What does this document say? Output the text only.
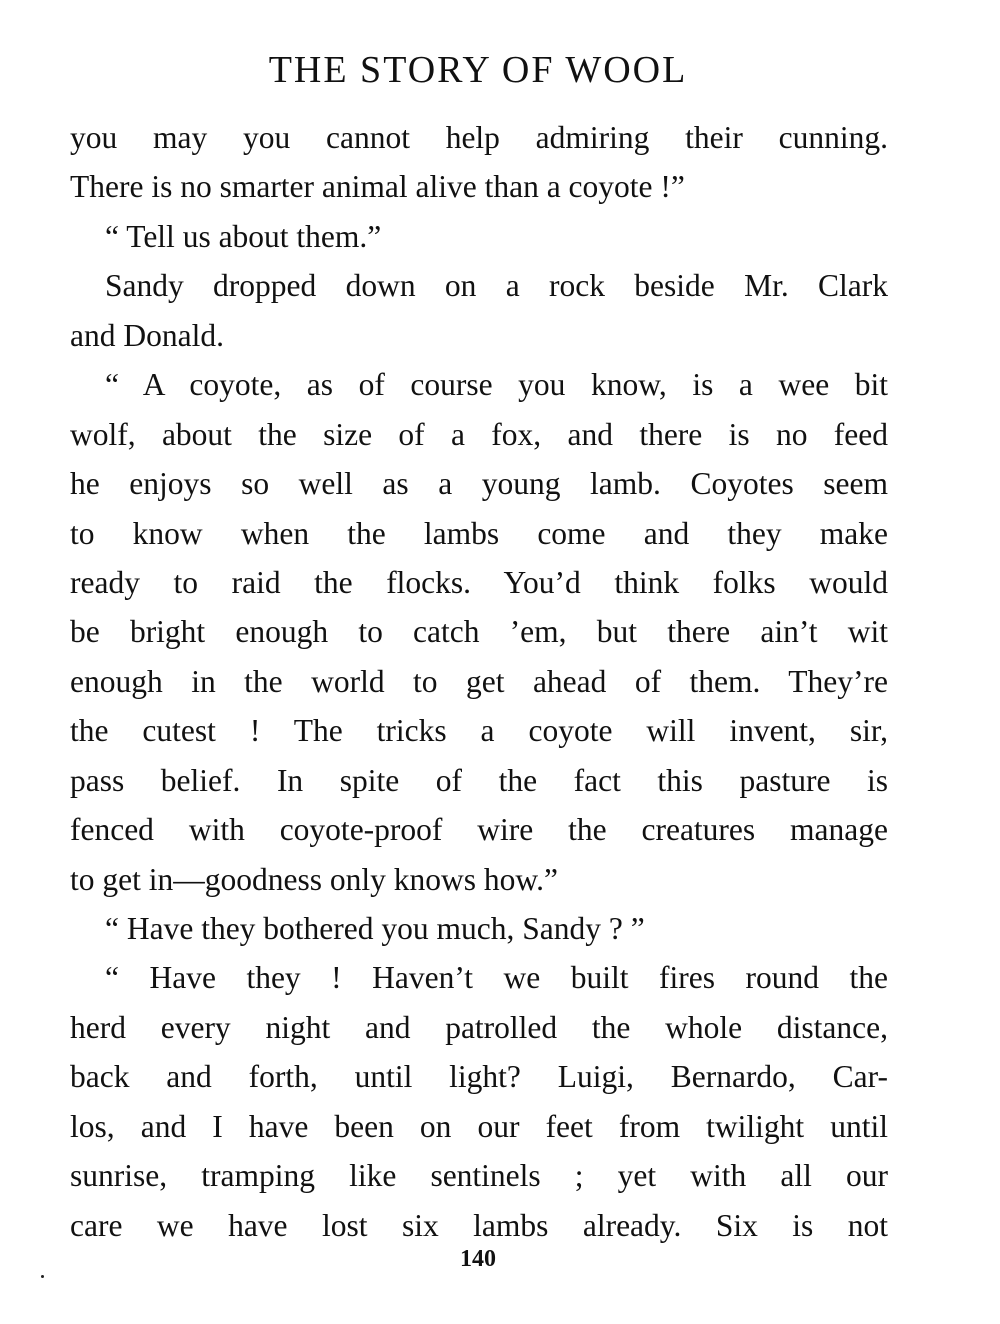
THE STORY OF WOOL
you may you cannot help admiring their cunning.
There is no smarter animal alive than a coyote !”
“ Tell us about them.”
Sandy dropped down on a rock beside Mr. Clark
and Donald.
“ A coyote, as of course you know, is a wee bit
wolf, about the size of a fox, and there is no feed
he enjoys so well as a young lamb. Coyotes seem
to know when the lambs come and they make
ready to raid the flocks. You’d think folks would
be bright enough to catch ’em, but there ain’t wit
enough in the world to get ahead of them. They’re
the cutest ! The tricks a coyote will invent, sir,
pass belief. In spite of the fact this pasture is
fenced with coyote-proof wire the creatures manage
to get in—goodness only knows how.”
“ Have they bothered you much, Sandy ? ”
“ Have they ! Haven’t we built fires round the
herd every night and patrolled the whole distance,
back and forth, until light? Luigi, Bernardo, Car-
los, and I have been on our feet from twilight until
sunrise, tramping like sentinels ; yet with all our
care we have lost six lambs already. Six is not
140
